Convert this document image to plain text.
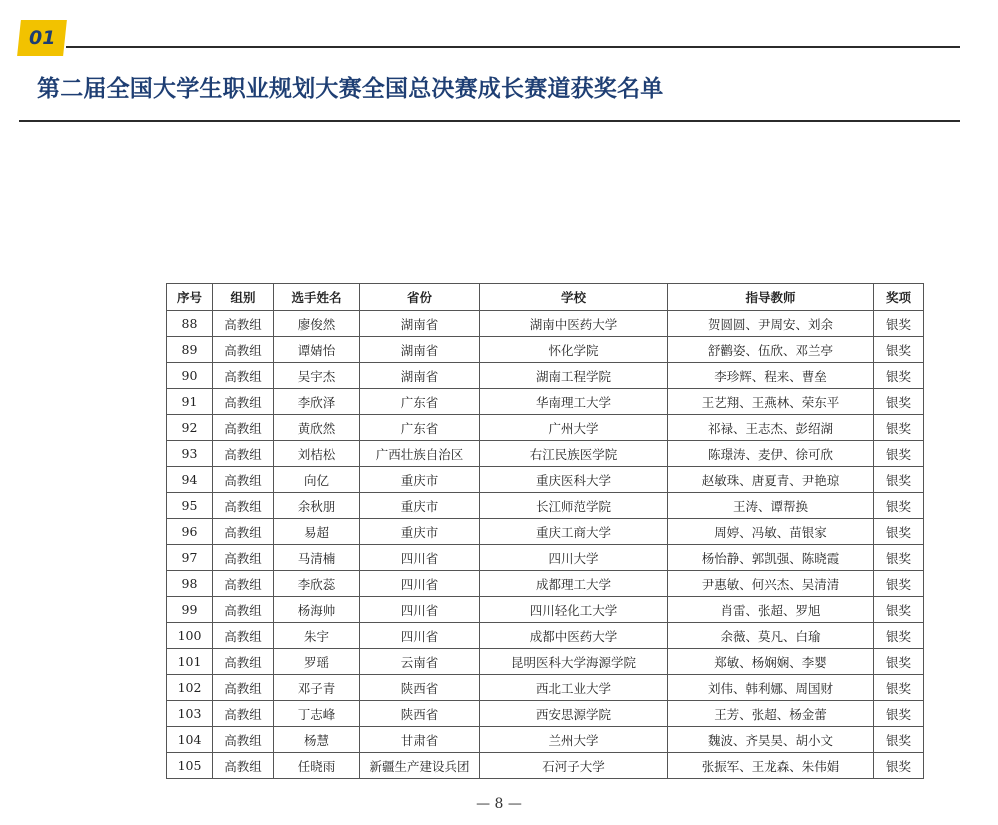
01
第二届全国大学生职业规划大赛全国总决赛成长赛道获奖名单
序号	组别	选手姓名	省份	学校	指导教师	奖项
88	高教组	廖俊然	湖南省	湖南中医药大学	贺圆圆、尹周安、刘余	银奖
89	高教组	谭婧怡	湖南省	怀化学院	舒鹳姿、伍欣、邓兰亭	银奖
90	高教组	吴宇杰	湖南省	湖南工程学院	李珍辉、程来、曹垒	银奖
91	高教组	李欣泽	广东省	华南理工大学	王艺翔、王燕林、荣东平	银奖
92	高教组	黄欣然	广东省	广州大学	祁禄、王志杰、彭绍湖	银奖
93	高教组	刘桔松	广西壮族自治区	右江民族医学院	陈璟涛、麦伊、徐可欣	银奖
94	高教组	向亿	重庆市	重庆医科大学	赵敏珠、唐夏青、尹艳琼	银奖
95	高教组	余秋朋	重庆市	长江师范学院	王涛、谭帮换	银奖
96	高教组	易超	重庆市	重庆工商大学	周婷、冯敏、苗银家	银奖
97	高教组	马清楠	四川省	四川大学	杨怡静、郭凯强、陈晓霞	银奖
98	高教组	李欣蕊	四川省	成都理工大学	尹惠敏、何兴杰、吴清清	银奖
99	高教组	杨海帅	四川省	四川轻化工大学	肖雷、张超、罗旭	银奖
100	高教组	朱宇	四川省	成都中医药大学	余薇、莫凡、白瑜	银奖
101	高教组	罗瑶	云南省	昆明医科大学海源学院	郑敏、杨娴娴、李婴	银奖
102	高教组	邓子青	陕西省	西北工业大学	刘伟、韩利娜、周国财	银奖
103	高教组	丁志峰	陕西省	西安思源学院	王芳、张超、杨金蕾	银奖
104	高教组	杨慧	甘肃省	兰州大学	魏波、齐昊昊、胡小文	银奖
105	高教组	任晓雨	新疆生产建设兵团	石河子大学	张振军、王龙森、朱伟娟	银奖
— 8 —
